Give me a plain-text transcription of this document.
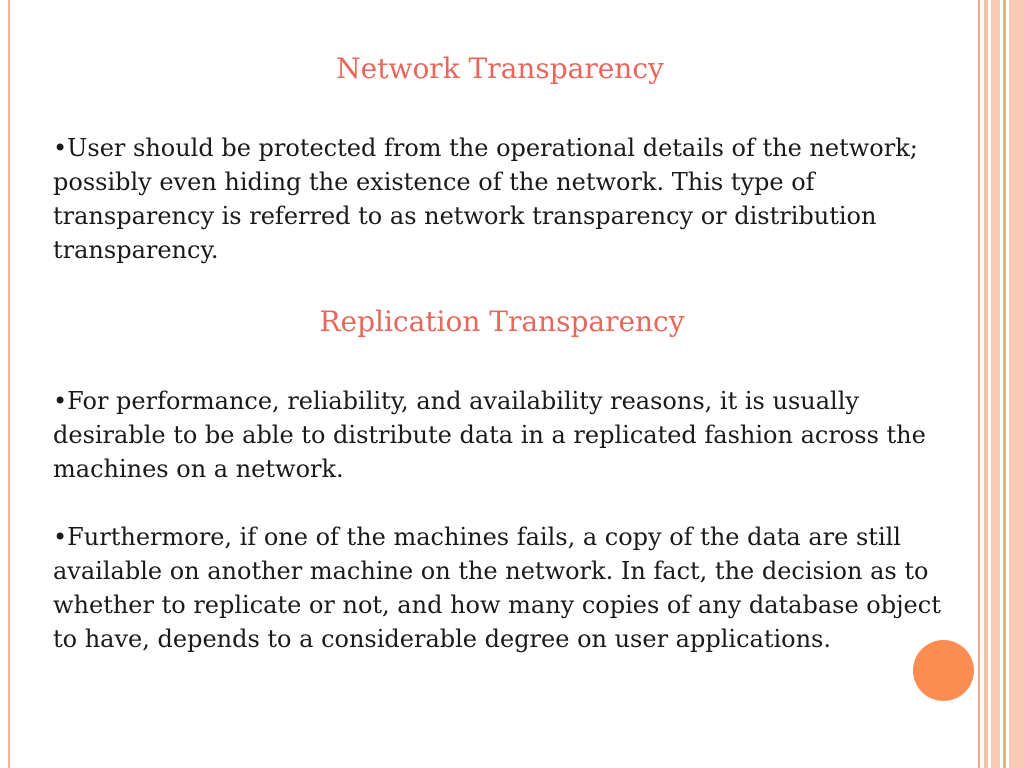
Network Transparency

•User should be protected from the operational details of the network; possibly even hiding the existence of the network. This type of transparency is referred to as network transparency or distribution transparency.

Replication Transparency

•For performance, reliability, and availability reasons, it is usually desirable to be able to distribute data in a replicated fashion across the machines on a network.

•Furthermore, if one of the machines fails, a copy of the data are still available on another machine on the network. In fact, the decision as to whether to replicate or not, and how many copies of any database object to have, depends to a considerable degree on user applications.
